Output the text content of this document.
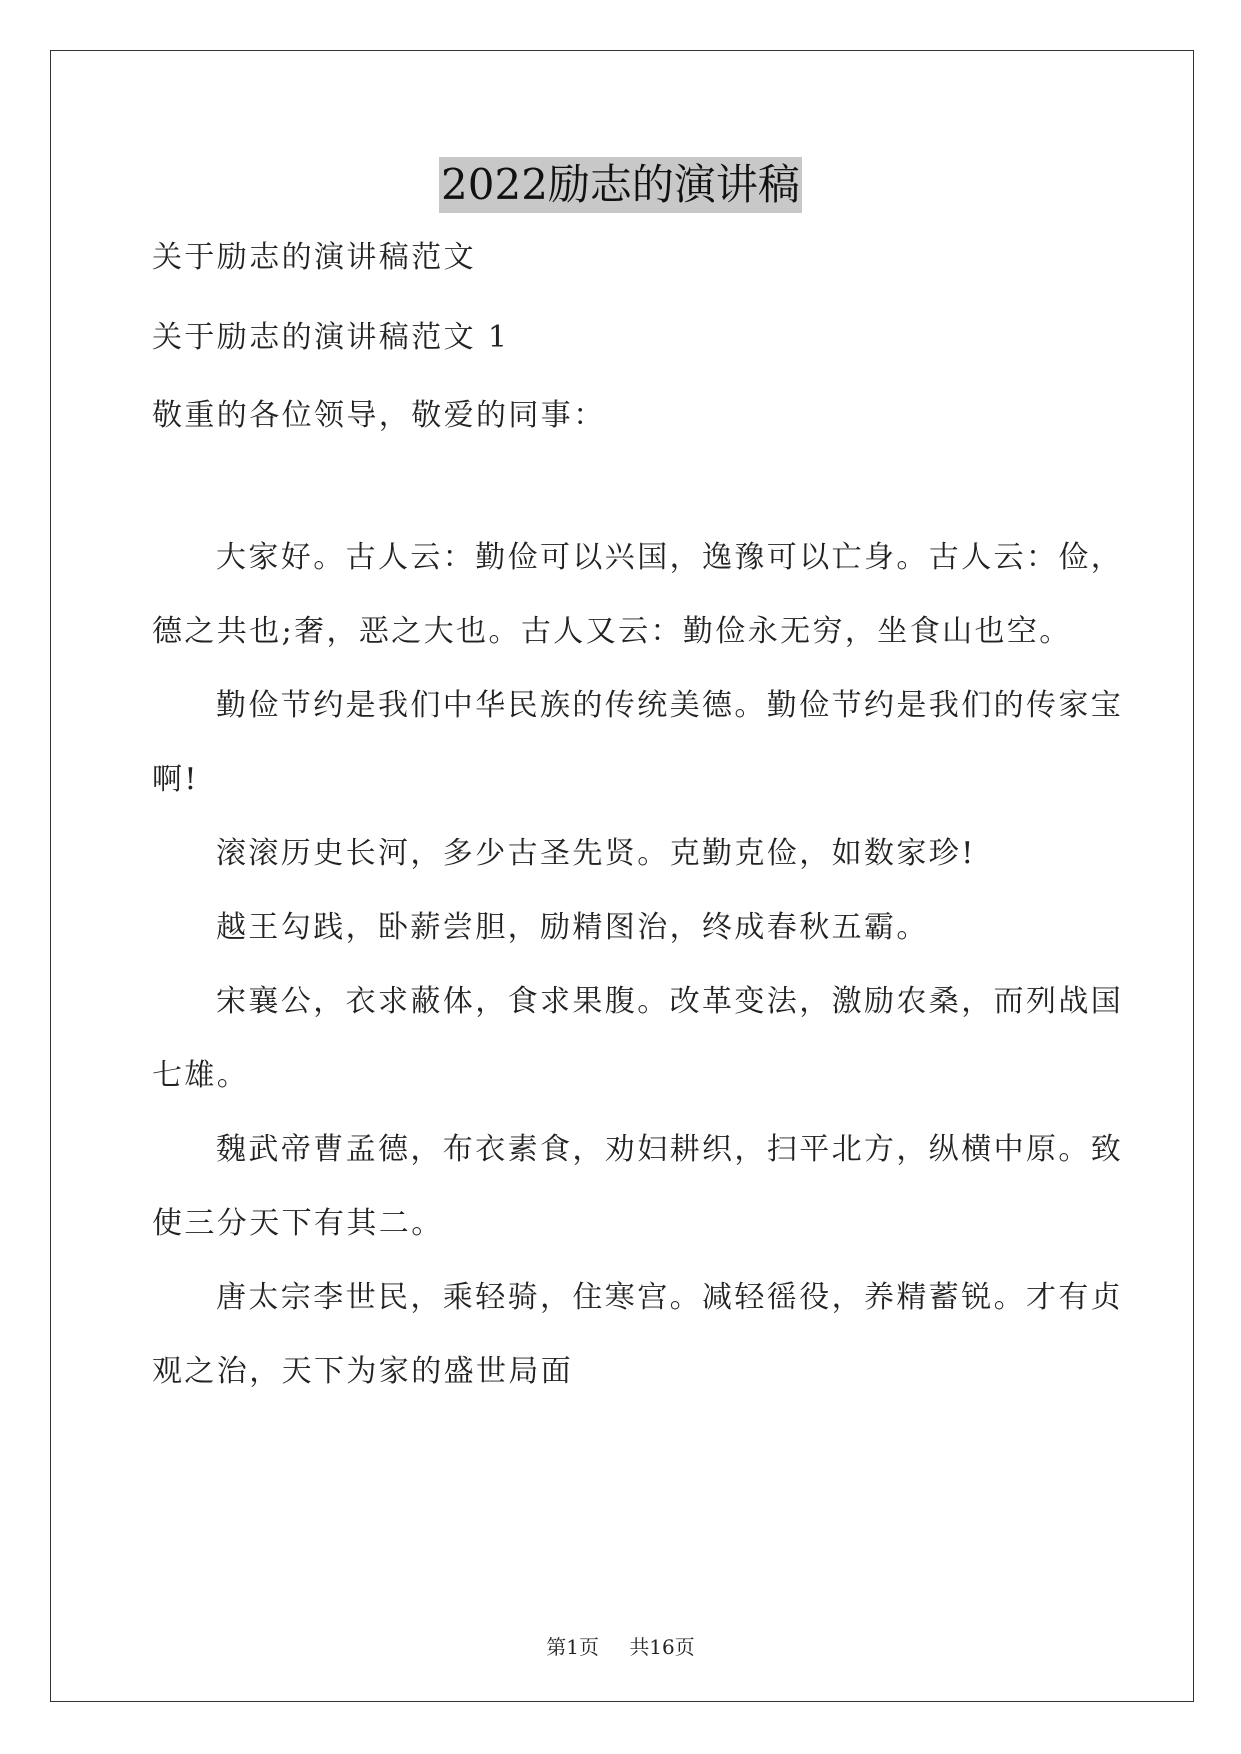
2022励志的演讲稿
关于励志的演讲稿范文
关于励志的演讲稿范文 1
敬重的各位领导，敬爱的同事：
大家好。古人云：勤俭可以兴国，逸豫可以亡身。古人云：俭，
德之共也;奢，恶之大也。古人又云：勤俭永无穷，坐食山也空。
勤俭节约是我们中华民族的传统美德。勤俭节约是我们的传家宝
啊!
滚滚历史长河，多少古圣先贤。克勤克俭，如数家珍!
越王勾践，卧薪尝胆，励精图治，终成春秋五霸。
宋襄公，衣求蔽体，食求果腹。改革变法，激励农桑，而列战国
七雄。
魏武帝曹孟德，布衣素食，劝妇耕织，扫平北方，纵横中原。致
使三分天下有其二。
唐太宗李世民，乘轻骑，住寒宫。减轻徭役，养精蓄锐。才有贞
观之治，天下为家的盛世局面
第1页 共16页
